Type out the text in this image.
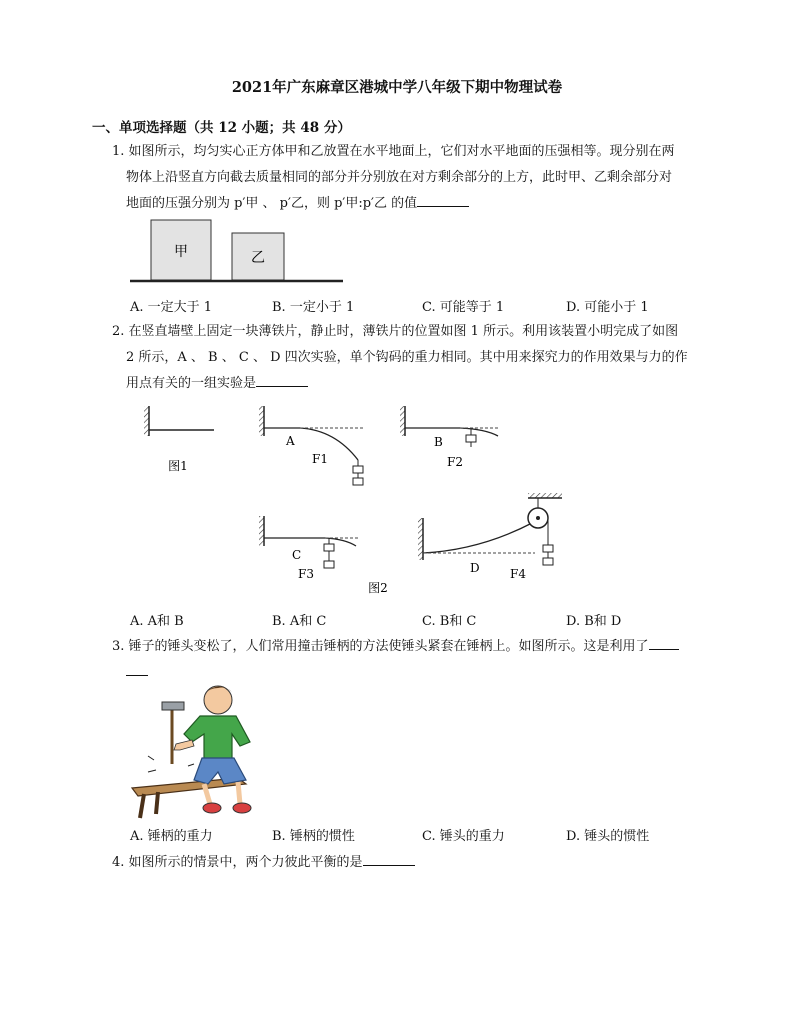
2021年广东麻章区港城中学八年级下期中物理试卷
一、单项选择题（共 12 小题；共 48 分）
1. 如图所示，均匀实心正方体甲和乙放置在水平地面上，它们对水平地面的压强相等。现分别在两

物体上沿竖直方向截去质量相同的部分并分别放在对方剩余部分的上方，此时甲、乙剩余部分对
地面的压强分别为 p′甲 、 p′乙，则 p′甲:p′乙 的值
甲	乙
A. 一定大于 1	B. 一定小于 1	C. 可能等于 1	D. 可能小于 1
2. 在竖直墙壁上固定一块薄铁片，静止时，薄铁片的位置如图 1 所示。利用该装置小明完成了如图

2 所示，A 、 B 、 C 、 D 四次实验，单个钩码的重力相同。其中用来探究力的作用效果与力的作
用点有关的一组实验是
图1
A
F1
B
F2
C
F3	D	F4
图2
A. A和 B	B. A和 C	C. B和 C	D. B和 D
3. 锤子的锤头变松了，人们常用撞击锤柄的方法使锤头紧套在锤柄上。如图所示。这是利用了

A. 锤柄的重力	B. 锤柄的惯性	C. 锤头的重力	D. 锤头的惯性
4. 如图所示的情景中，两个力彼此平衡的是
